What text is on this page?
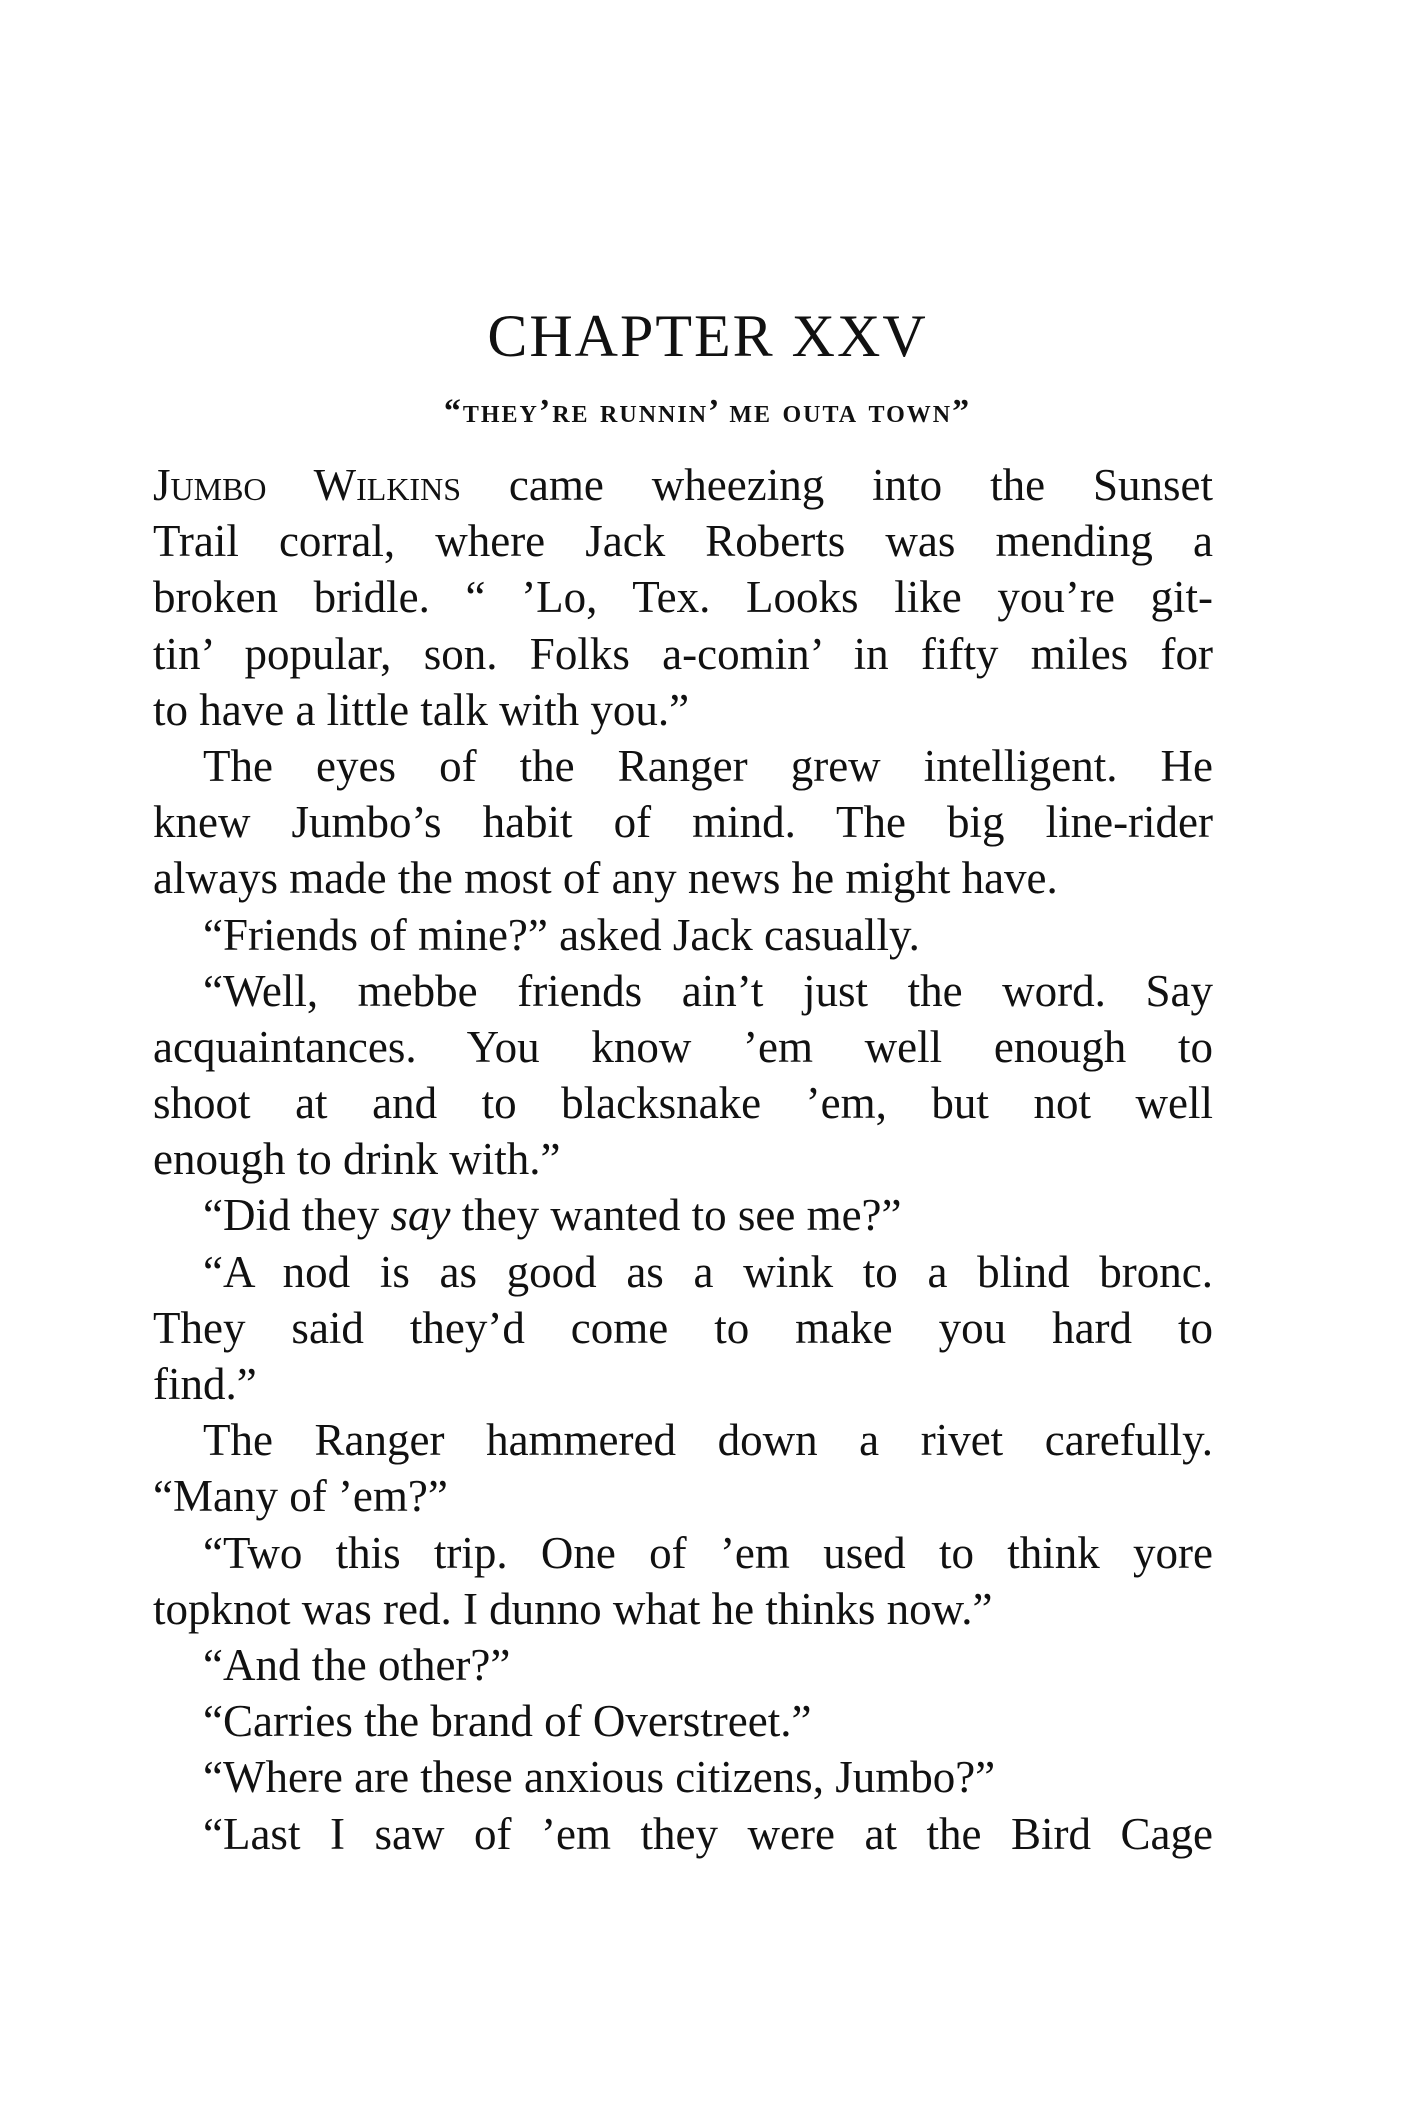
CHAPTER XXV
“they’re runnin’ me outa town”
Jumbo Wilkins came wheezing into the Sunset
Trail corral, where Jack Roberts was mending a
broken bridle. “ ’Lo, Tex. Looks like you’re git-
tin’ popular, son. Folks a-comin’ in fifty miles for
to have a little talk with you.”
The eyes of the Ranger grew intelligent. He
knew Jumbo’s habit of mind. The big line-rider
always made the most of any news he might have.
“Friends of mine?” asked Jack casually.
“Well, mebbe friends ain’t just the word. Say
acquaintances. You know ’em well enough to
shoot at and to blacksnake ’em, but not well
enough to drink with.”
“Did they say they wanted to see me?”
“A nod is as good as a wink to a blind bronc.
They said they’d come to make you hard to
find.”
The Ranger hammered down a rivet carefully.
“Many of ’em?”
“Two this trip. One of ’em used to think yore
topknot was red. I dunno what he thinks now.”
“And the other?”
“Carries the brand of Overstreet.”
“Where are these anxious citizens, Jumbo?”
“Last I saw of ’em they were at the Bird Cage
